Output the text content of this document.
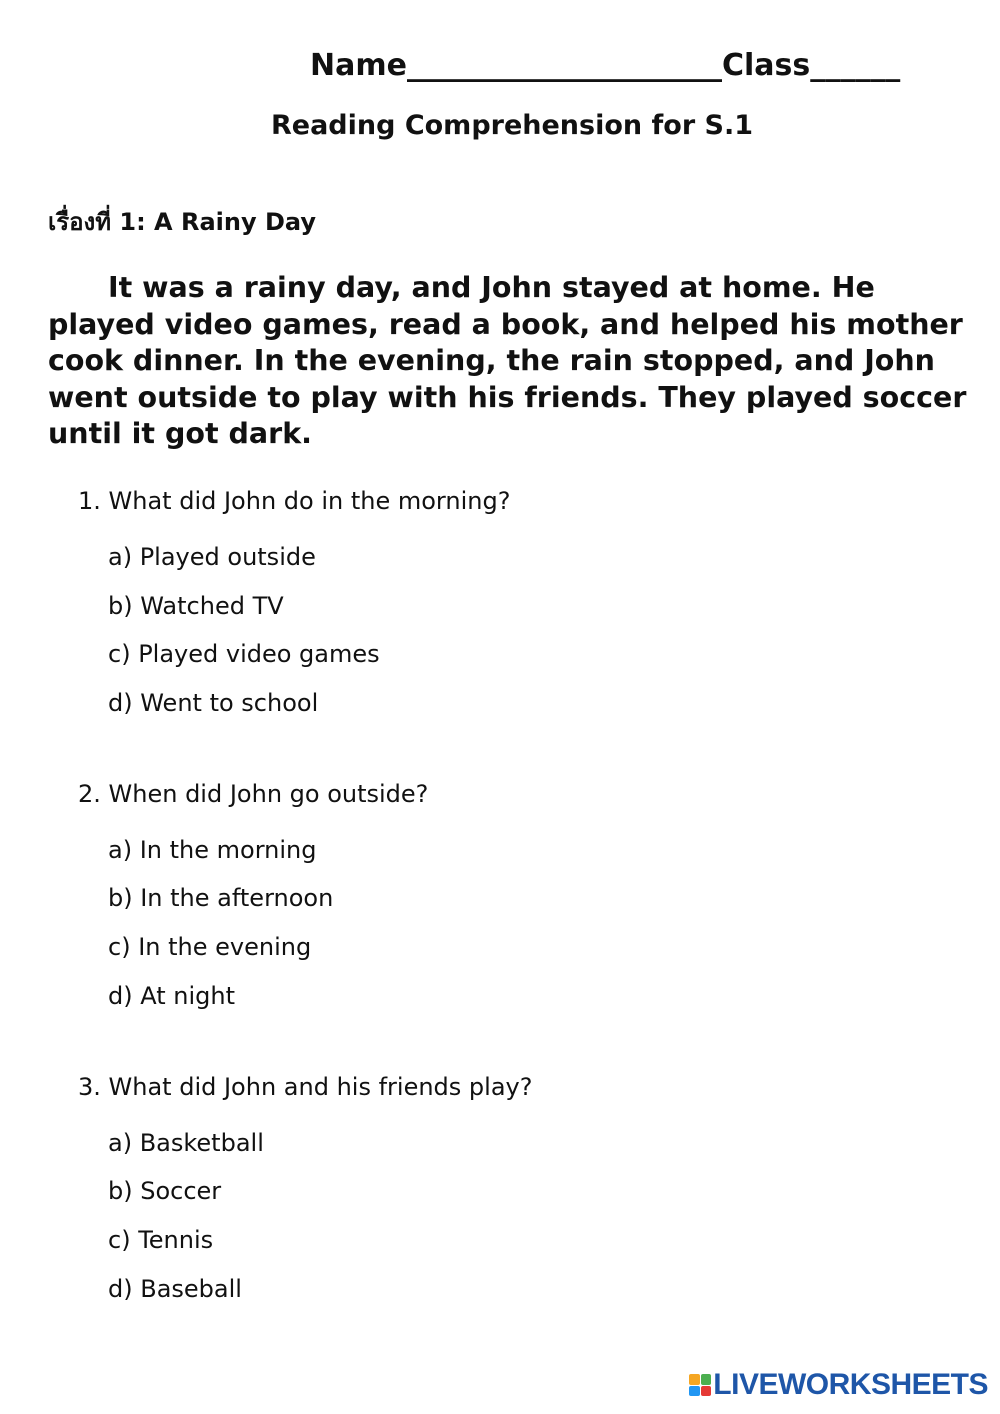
Name_____________________Class______
Reading Comprehension for S.1
เรื่องที่ 1: A Rainy Day

It was a rainy day, and John stayed at home. He played video games, read a book, and helped his mother cook dinner. In the evening, the rain stopped, and John went outside to play with his friends. They played soccer until it got dark.

1. What did John do in the morning?
a) Played outside
b) Watched TV
c) Played video games
d) Went to school
2. When did John go outside?
a) In the morning
b) In the afternoon
c) In the evening
d) At night
3. What did John and his friends play?
a) Basketball
b) Soccer
c) Tennis
d) Baseball
LIVEWORKSHEETS
